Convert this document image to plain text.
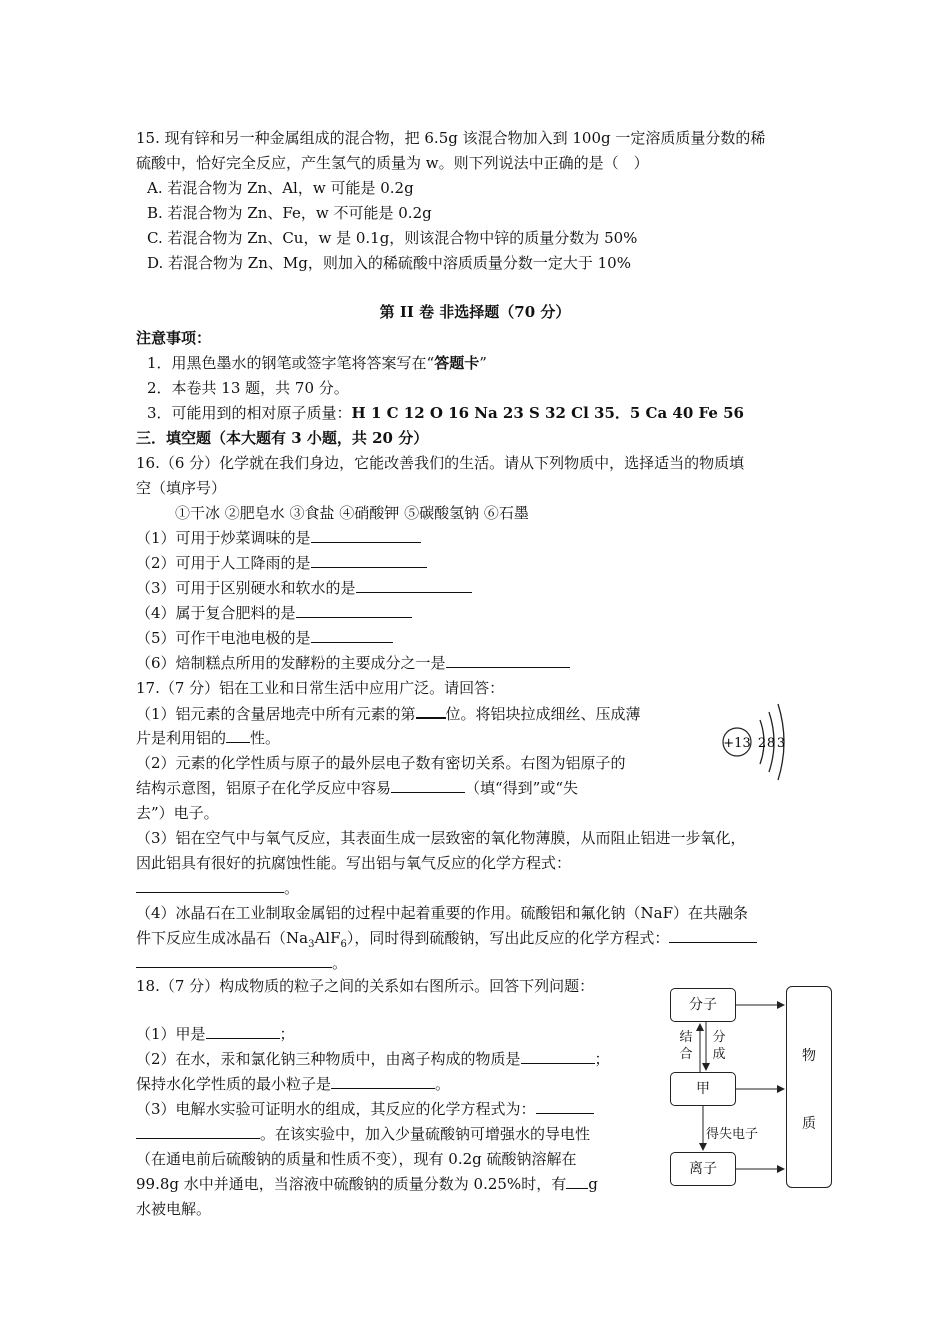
15. 现有锌和另一种金属组成的混合物，把 6.5g 该混合物加入到 100g 一定溶质质量分数的稀
硫酸中，恰好完全反应，产生氢气的质量为 w。则下列说法中正确的是（　）
A. 若混合物为 Zn、Al，w 可能是 0.2g
B. 若混合物为 Zn、Fe，w 不可能是 0.2g
C. 若混合物为 Zn、Cu，w 是 0.1g，则该混合物中锌的质量分数为 50%
D. 若混合物为 Zn、Mg，则加入的稀硫酸中溶质质量分数一定大于 10%
第 II 卷 非选择题（70 分）
注意事项：
1．用黑色墨水的钢笔或签字笔将答案写在“答题卡”
2．本卷共 13 题，共 70 分。
3．可能用到的相对原子质量：H 1 C 12 O 16 Na 23 S 32 Cl 35．5 Ca 40 Fe 56
三．填空题（本大题有 3 小题，共 20 分）
16.（6 分）化学就在我们身边，它能改善我们的生活。请从下列物质中，选择适当的物质填
空（填序号）
①干冰 ②肥皂水 ③食盐 ④硝酸钾 ⑤碳酸氢钠 ⑥石墨
（1）可用于炒菜调味的是
（2）可用于人工降雨的是
（3）可用于区别硬水和软水的是
（4）属于复合肥料的是
（5）可作干电池电极的是
（6）焙制糕点所用的发酵粉的主要成分之一是
17.（7 分）铝在工业和日常生活中应用广泛。请回答：
（1）铝元素的含量居地壳中所有元素的第 位。将铝块拉成细丝、压成薄
片是利用铝的 性。
（2）元素的化学性质与原子的最外层电子数有密切关系。右图为铝原子的
结构示意图，铝原子在化学反应中容易	（填“得到”或“失
去”）电子。
（3）铝在空气中与氧气反应，其表面生成一层致密的氧化物薄膜，从而阻止铝进一步氧化，
因此铝具有很好的抗腐蚀性能。写出铝与氧气反应的化学方程式：
。
（4）冰晶石在工业制取金属铝的过程中起着重要的作用。硫酸铝和氟化钠（NaF）在共融条
件下反应生成冰晶石$(Na_3AlF_6)$，同时得到硫酸钠，写出此反应的化学方程式：
。
+13 2 8 3
18.（7 分）构成物质的粒子之间的关系如右图所示。回答下列问题：
（1）甲是	；
（2）在水，汞和氯化钠三种物质中，由离子构成的物质是	；
保持水化学性质的最小粒子是	。
（3）电解水实验可证明水的组成，其反应的化学方程式为：
。在该实验中，加入少量硫酸钠可增强水的导电性
（在通电前后硫酸钠的质量和性质不变），现有 0.2g 硫酸钠溶解在
99.8g 水中并通电，当溶液中硫酸钠的质量分数为 0.25%时，有 g
水被电解。
分子
甲
离子
物
质
结
合
分
成
得失电子
